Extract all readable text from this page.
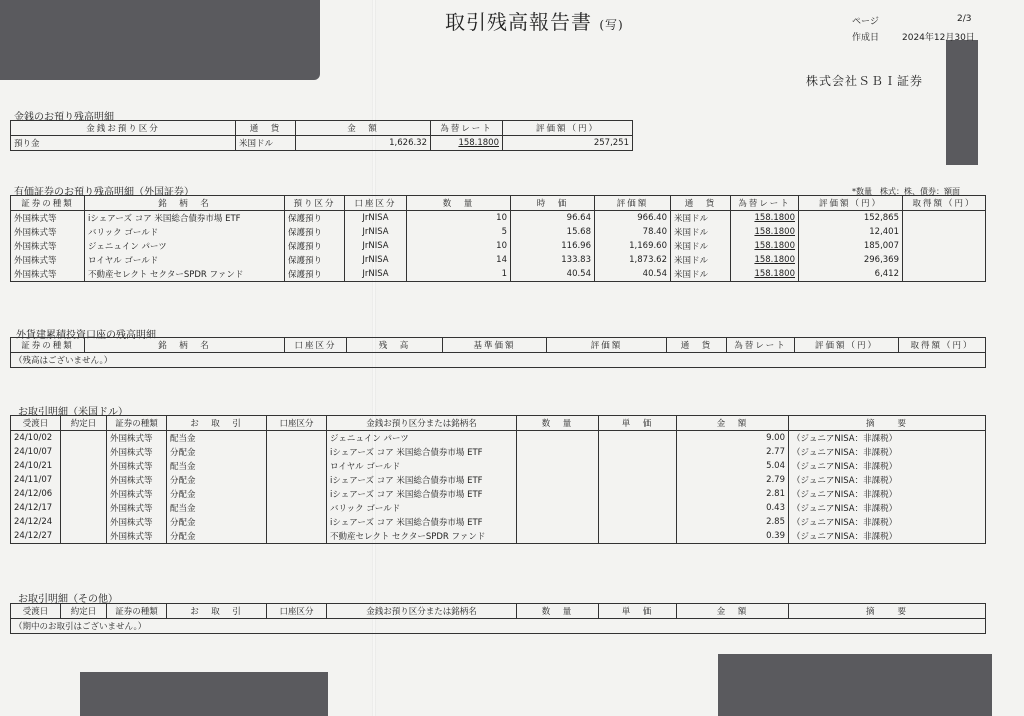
取引残高報告書 (写)	ページ	2/3
作成日	2024年12月30日
株式会社ＳＢＩ証券
金銭のお預り残高明細
金銭お預り区分	通　貨	金　額	為替レート	評価額（円）
預り金	米国ドル	1,626.32	158.1800	257,251
有価証券のお預り残高明細（外国証券）	*数量　株式：株、債券：額面
証券の種類	銘　柄　名	預り区分	口座区分	数　量	時　価	評価額	通　貨	為替レート	評価額（円）	取得額（円）
外国株式等	iシェアーズ コア 米国総合債券市場 ETF	保護預り	JrNISA	10	96.64	966.40	米国ドル	158.1800	152,865	
外国株式等	バリック ゴールド	保護預り	JrNISA	5	15.68	78.40	米国ドル	158.1800	12,401	
外国株式等	ジェニュイン パーツ	保護預り	JrNISA	10	116.96	1,169.60	米国ドル	158.1800	185,007	
外国株式等	ロイヤル ゴールド	保護預り	JrNISA	14	133.83	1,873.62	米国ドル	158.1800	296,369	
外国株式等	不動産セレクト セクターSPDR ファンド	保護預り	JrNISA	1	40.54	40.54	米国ドル	158.1800	6,412	
外貨建累積投資口座の残高明細
証券の種類	銘　柄　名	口座区分	残　高	基準価額	評価額	通　貨	為替レート	評価額（円）	取得額（円）
（残高はございません。）
お取引明細（米国ドル）
受渡日	約定日	証券の種類	お　取　引	口座区分	金銭お預り区分または銘柄名	数　量	単　価	金　額	摘　　要
24/10/02		外国株式等	配当金		ジェニュイン パーツ			9.00	（ジュニアNISA：非課税）
24/10/07		外国株式等	分配金		iシェアーズ コア 米国総合債券市場 ETF			2.77	（ジュニアNISA：非課税）
24/10/21		外国株式等	配当金		ロイヤル ゴールド			5.04	（ジュニアNISA：非課税）
24/11/07		外国株式等	分配金		iシェアーズ コア 米国総合債券市場 ETF			2.79	（ジュニアNISA：非課税）
24/12/06		外国株式等	分配金		iシェアーズ コア 米国総合債券市場 ETF			2.81	（ジュニアNISA：非課税）
24/12/17		外国株式等	配当金		バリック ゴールド			0.43	（ジュニアNISA：非課税）
24/12/24		外国株式等	分配金		iシェアーズ コア 米国総合債券市場 ETF			2.85	（ジュニアNISA：非課税）
24/12/27		外国株式等	分配金		不動産セレクト セクターSPDR ファンド			0.39	（ジュニアNISA：非課税）
お取引明細（その他）
受渡日	約定日	証券の種類	お　取　引	口座区分	金銭お預り区分または銘柄名	数　量	単　価	金　額	摘　　要
（期中のお取引はございません。）
